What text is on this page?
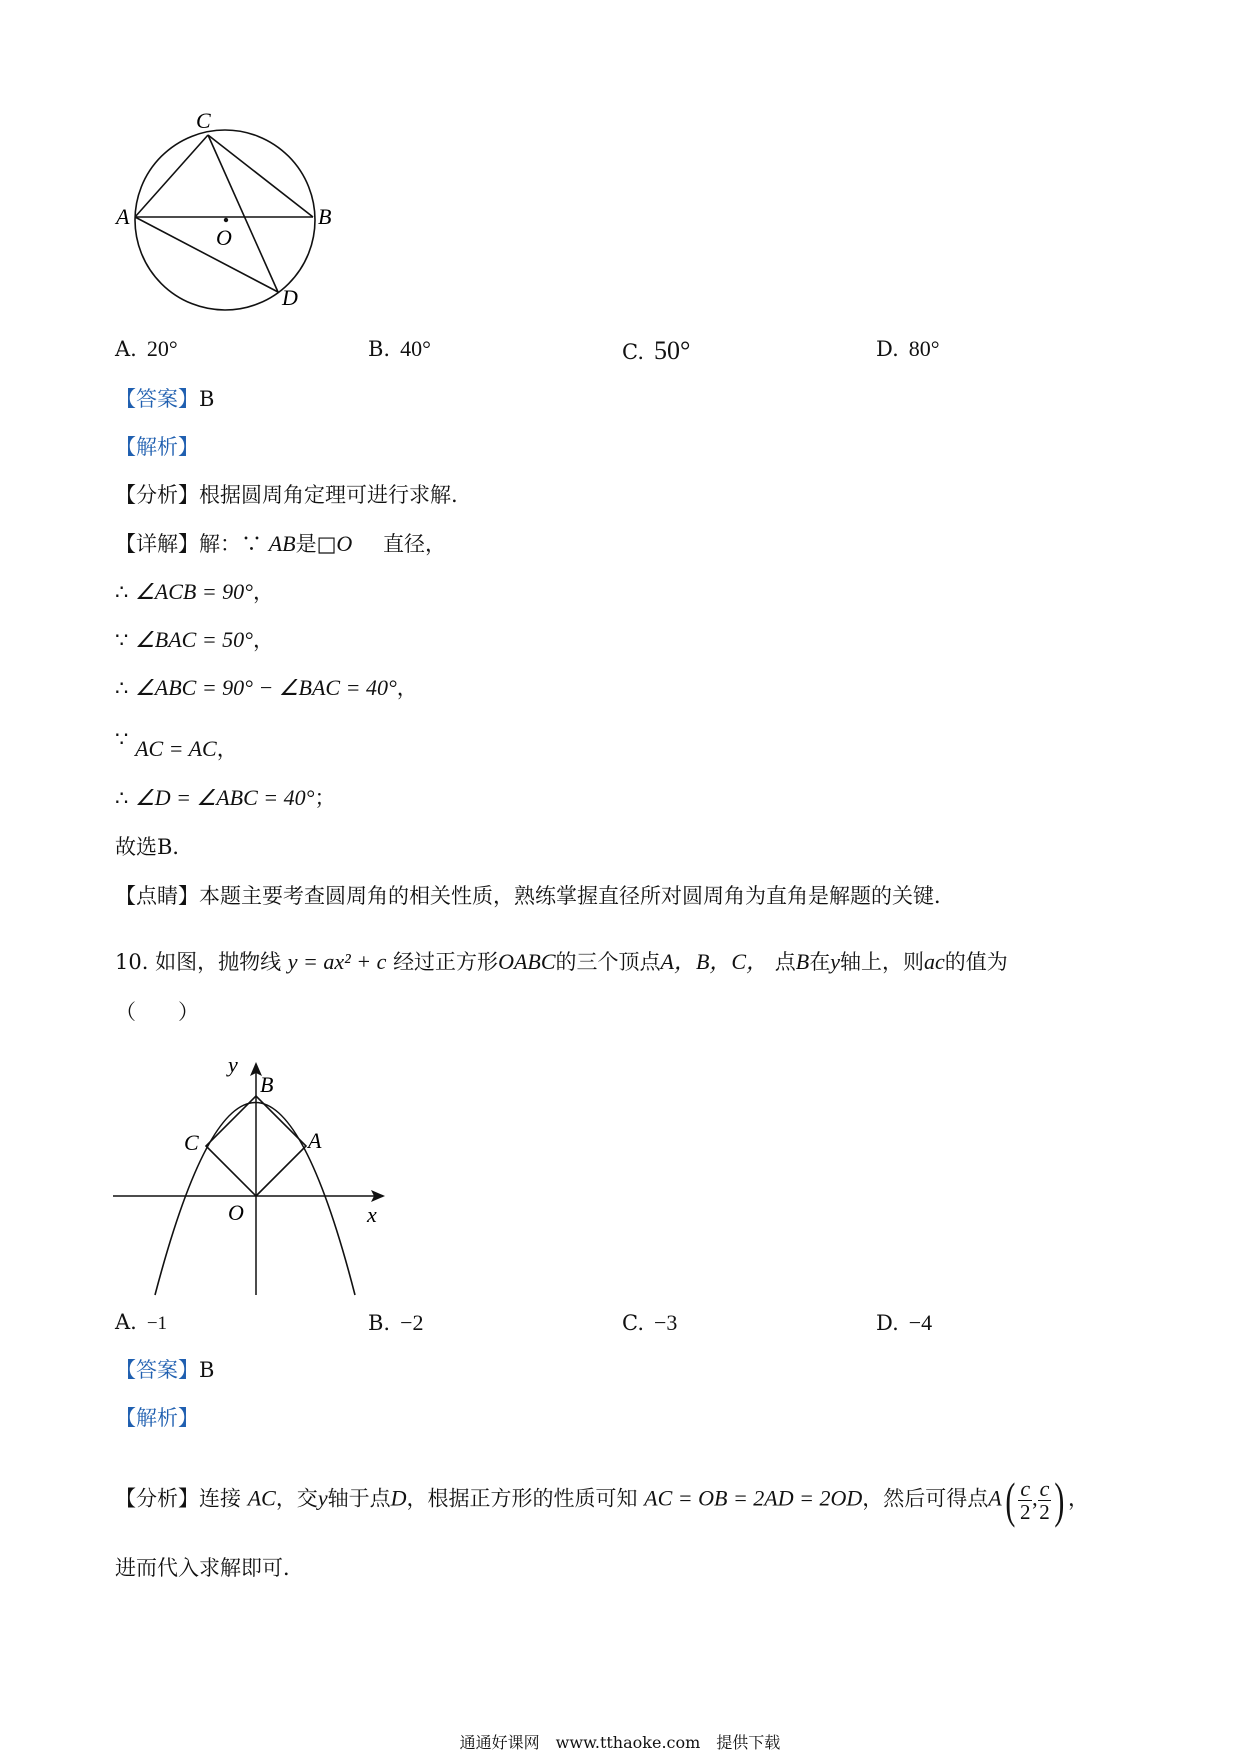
C
A	B
O
D
A. 20°	B. 40°	C. 50°	D. 80°
【答案】B
【解析】
【分析】根据圆周角定理可进行求解.
【详解】解：∵ AB是□O 直径，
∴ ∠ACB = 90°，
∵ ∠BAC = 50°，
∴ ∠ABC = 90° − ∠BAC = 40°，
∵ AC = AC，
∴ ∠D = ∠ABC = 40°；
故选B．
【点睛】本题主要考查圆周角的相关性质，熟练掌握直径所对圆周角为直角是解题的关键．
10. 如图，抛物线 y = ax² + c 经过正方形OABC的三个顶点A，B，C， 点B在y轴上，则ac的值为
（　　）
y
B
C	A
O	x
A. −1	B. −2	C. −3	D. −4
【答案】B
【解析】
【分析】连接 AC，交y轴于点D，根据正方形的性质可知 AC = OB = 2AD = 2OD，然后可得点$A( \frac{c}{2}$ , $\frac{c}{2}$ ) ，
进而代入求解即可．
通通好课网　www.tthaoke.com　提供下载
